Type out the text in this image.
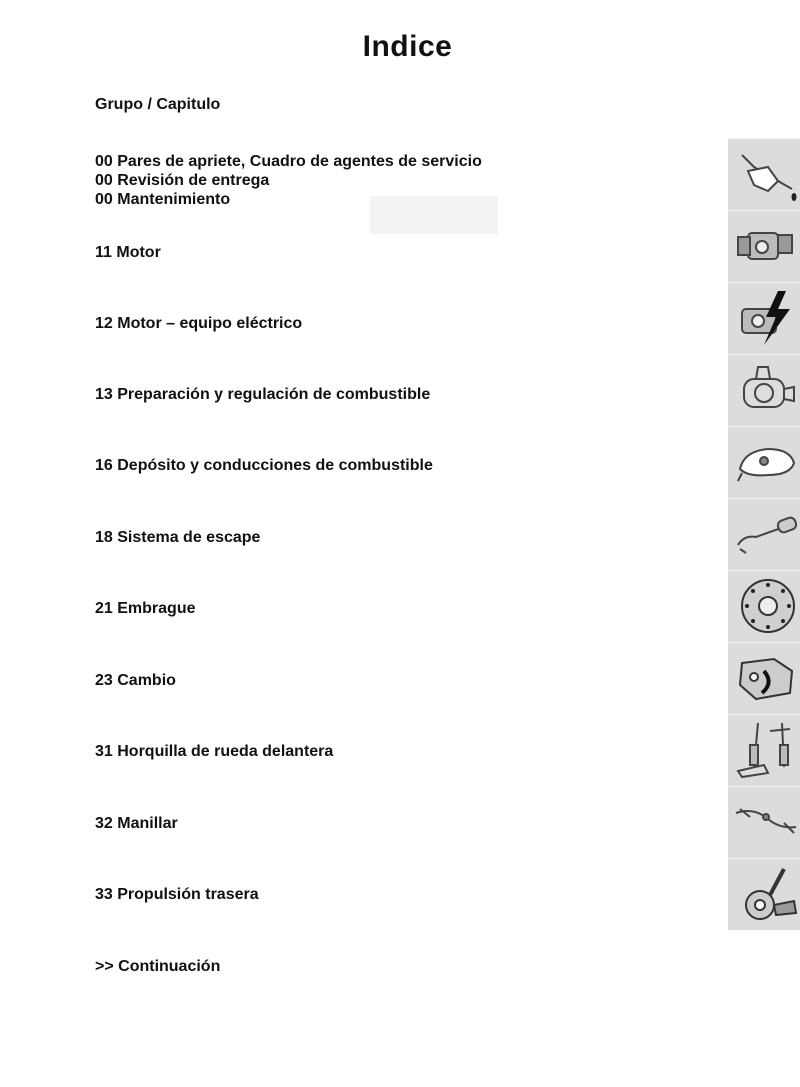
Indice
Grupo / Capitulo
00 Pares de apriete, Cuadro de agentes de servicio
00 Revisión de entrega
00 Mantenimiento
11 Motor
12 Motor – equipo eléctrico
13 Preparación y regulación de combustible
16 Depósito y conducciones de combustible
18 Sistema de escape
21 Embrague
23 Cambio
31 Horquilla de rueda delantera
32 Manillar
33 Propulsión trasera
>> Continuación
